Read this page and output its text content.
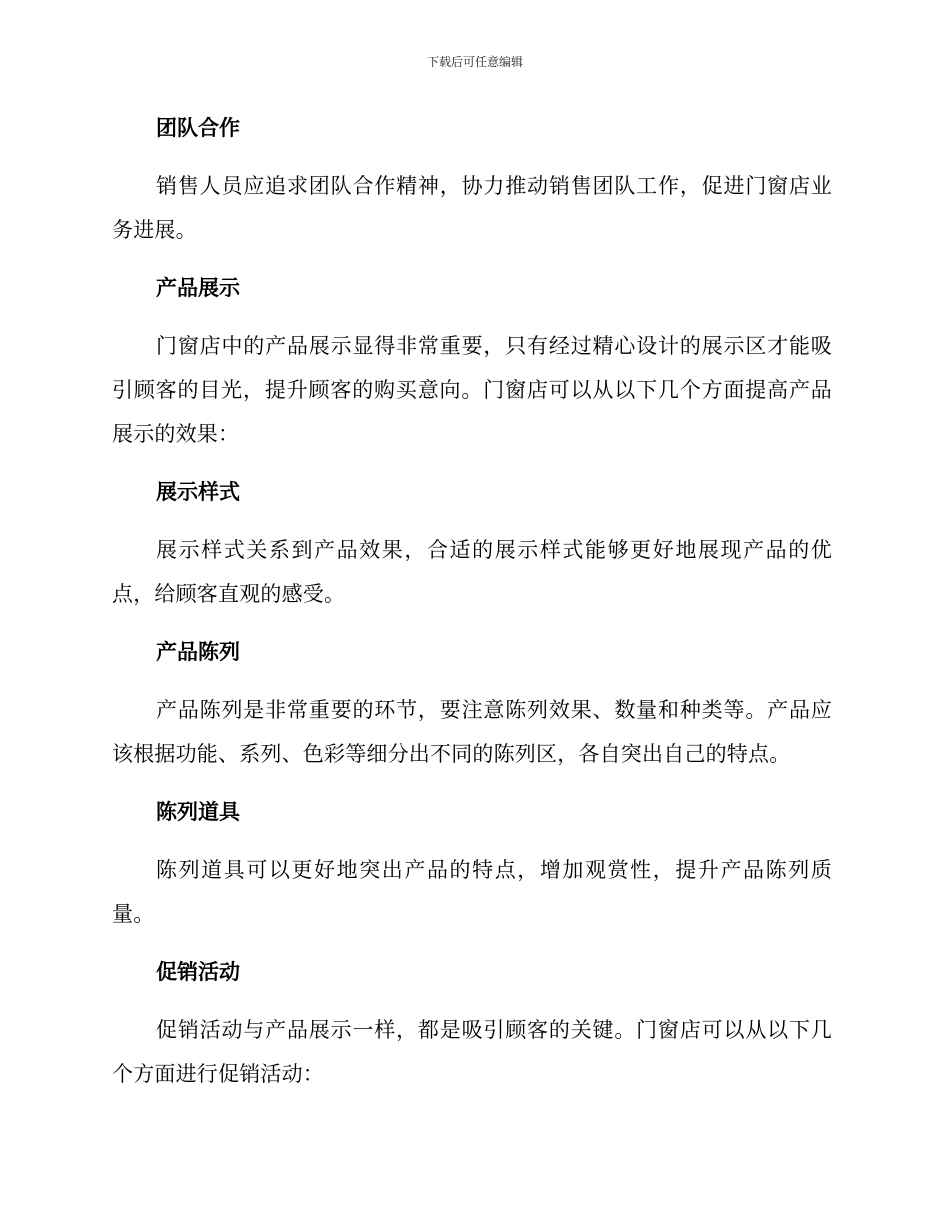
下载后可任意编辑
团队合作

销售人员应追求团队合作精神，协力推动销售团队工作，促进门窗店业务进展。

产品展示

门窗店中的产品展示显得非常重要，只有经过精心设计的展示区才能吸引顾客的目光，提升顾客的购买意向。门窗店可以从以下几个方面提高产品展示的效果：

展示样式

展示样式关系到产品效果，合适的展示样式能够更好地展现产品的优点，给顾客直观的感受。

产品陈列

产品陈列是非常重要的环节，要注意陈列效果、数量和种类等。产品应该根据功能、系列、色彩等细分出不同的陈列区，各自突出自己的特点。

陈列道具

陈列道具可以更好地突出产品的特点，增加观赏性，提升产品陈列质量。

促销活动

促销活动与产品展示一样，都是吸引顾客的关键。门窗店可以从以下几个方面进行促销活动：
